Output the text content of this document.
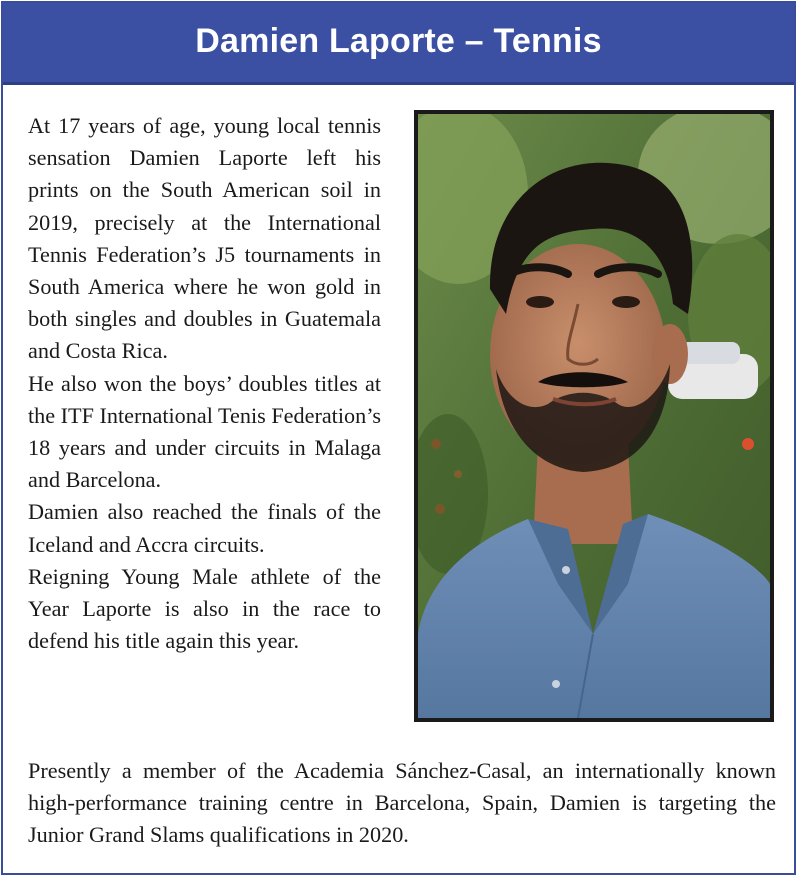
Damien Laporte – Tennis

At 17 years of age, young local tennis sensation Damien Laporte left his prints on the South American soil in 2019, precisely at the International Tennis Federation’s J5 tournaments in South America where he won gold in both singles and doubles in Guatemala and Costa Rica.

He also won the boys’ doubles titles at the ITF International Tenis Federation’s 18 years and under circuits in Malaga and Barcelona.

Damien also reached the finals of the Iceland and Accra circuits.

Reigning Young Male athlete of the Year Laporte is also in the race to defend his title again this year.

Presently a member of the Academia Sánchez-Casal, an internationally known high-performance training centre in Barcelona, Spain, Damien is targeting the Junior Grand Slams qualifications in 2020.
